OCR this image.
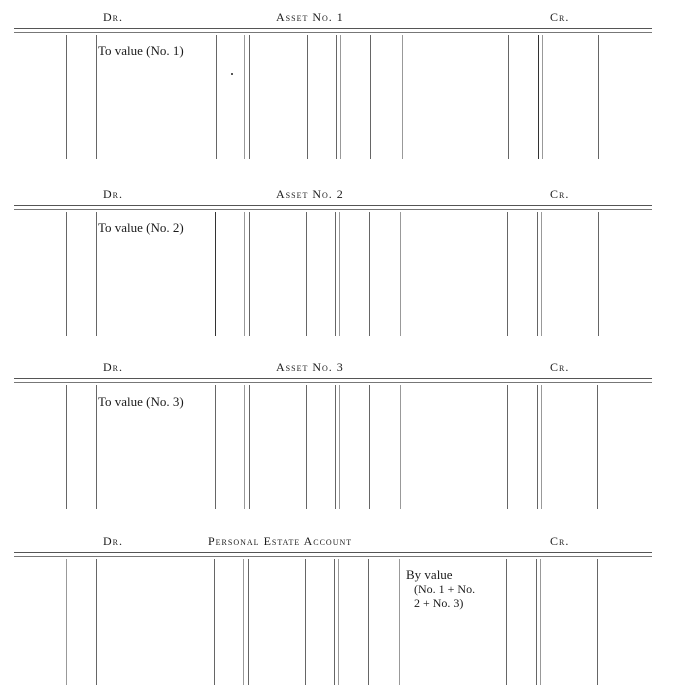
Dr.	Asset No. 1	Cr.
To value (No. 1)
Dr.	Asset No. 2	Cr.
To value (No. 2)
Dr.	Asset No. 3	Cr.
To value (No. 3)
Dr.	Personal Estate Account	Cr.
By value
(No. 1 + No.
2 + No. 3)
